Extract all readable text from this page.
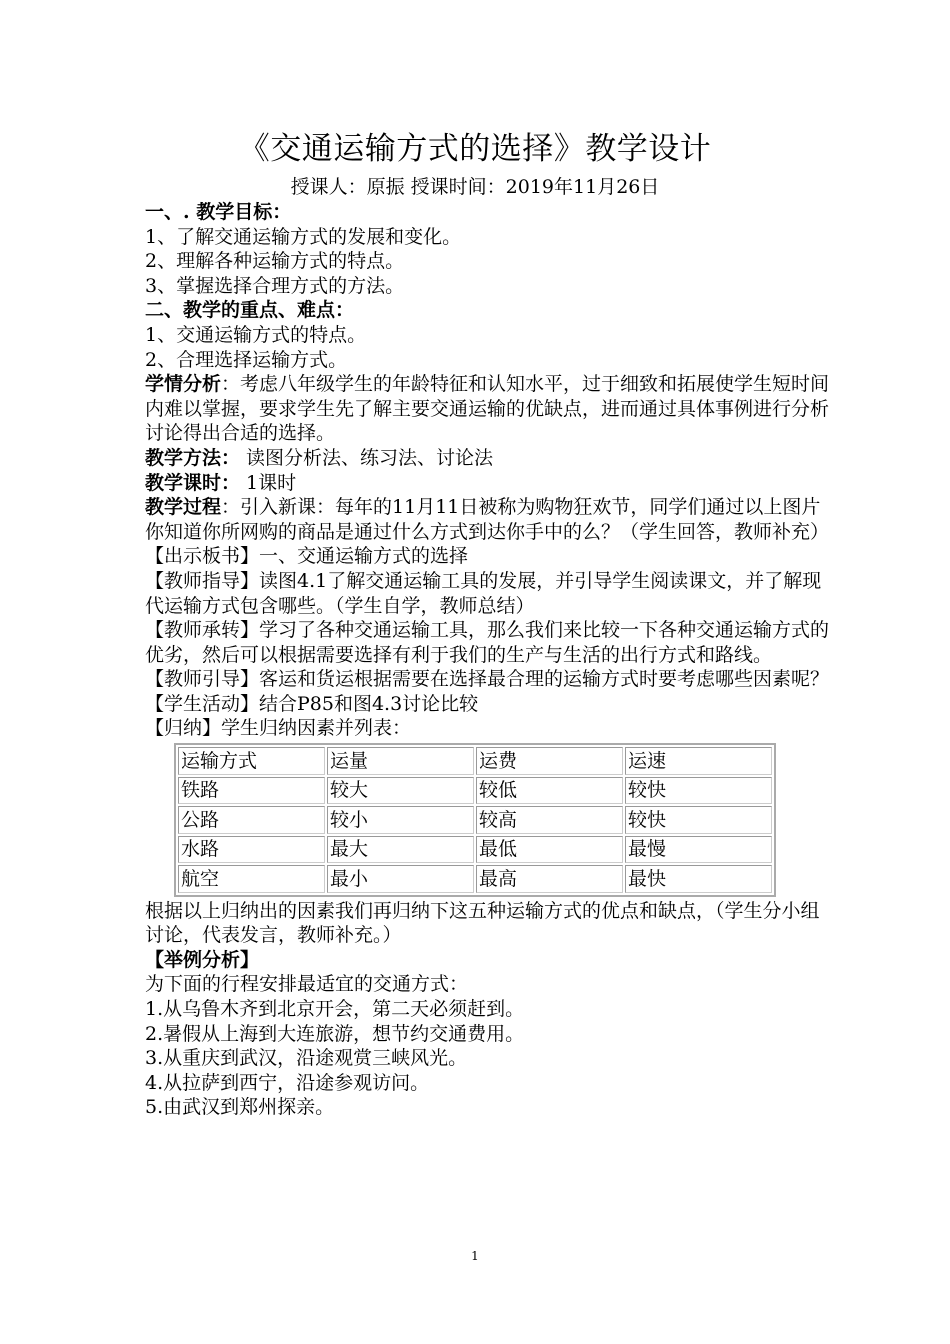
《交通运输方式的选择》教学设计
授课人：原振 授课时间：2019年11月26日

一、. 教学目标：

1、了解交通运输方式的发展和变化。

2、理解各种运输方式的特点。

3、掌握选择合理方式的方法。

二、教学的重点、难点：

1、交通运输方式的特点。

2、合理选择运输方式。

学情分析：考虑八年级学生的年龄特征和认知水平，过于细致和拓展使学生短时间内难以掌握，要求学生先了解主要交通运输的优缺点，进而通过具体事例进行分析讨论得出合适的选择。

教学方法： 读图分析法、练习法、讨论法

教学课时： 1课时

教学过程：引入新课：每年的11月11日被称为购物狂欢节，同学们通过以上图片你知道你所网购的商品是通过什么方式到达你手中的么？（学生回答，教师补充）

【出示板书】一、交通运输方式的选择

【教师指导】读图4.1了解交通运输工具的发展，并引导学生阅读课文，并了解现代运输方式包含哪些。（学生自学，教师总结）

【教师承转】学习了各种交通运输工具，那么我们来比较一下各种交通运输方式的优劣，然后可以根据需要选择有利于我们的生产与生活的出行方式和路线。

【教师引导】客运和货运根据需要在选择最合理的运输方式时要考虑哪些因素呢？

【学生活动】结合P85和图4.3讨论比较

【归纳】学生归纳因素并列表：

运输方式	运量	运费	运速
铁路	较大	较低	较快
公路	较小	较高	较快
水路	最大	最低	最慢
航空	最小	最高	最快

根据以上归纳出的因素我们再归纳下这五种运输方式的优点和缺点，（学生分小组讨论，代表发言，教师补充。）

【举例分析】

为下面的行程安排最适宜的交通方式：

1.从乌鲁木齐到北京开会，第二天必须赶到。

2.暑假从上海到大连旅游，想节约交通费用。

3.从重庆到武汉，沿途观赏三峡风光。

4.从拉萨到西宁，沿途参观访问。

5.由武汉到郑州探亲。

1
